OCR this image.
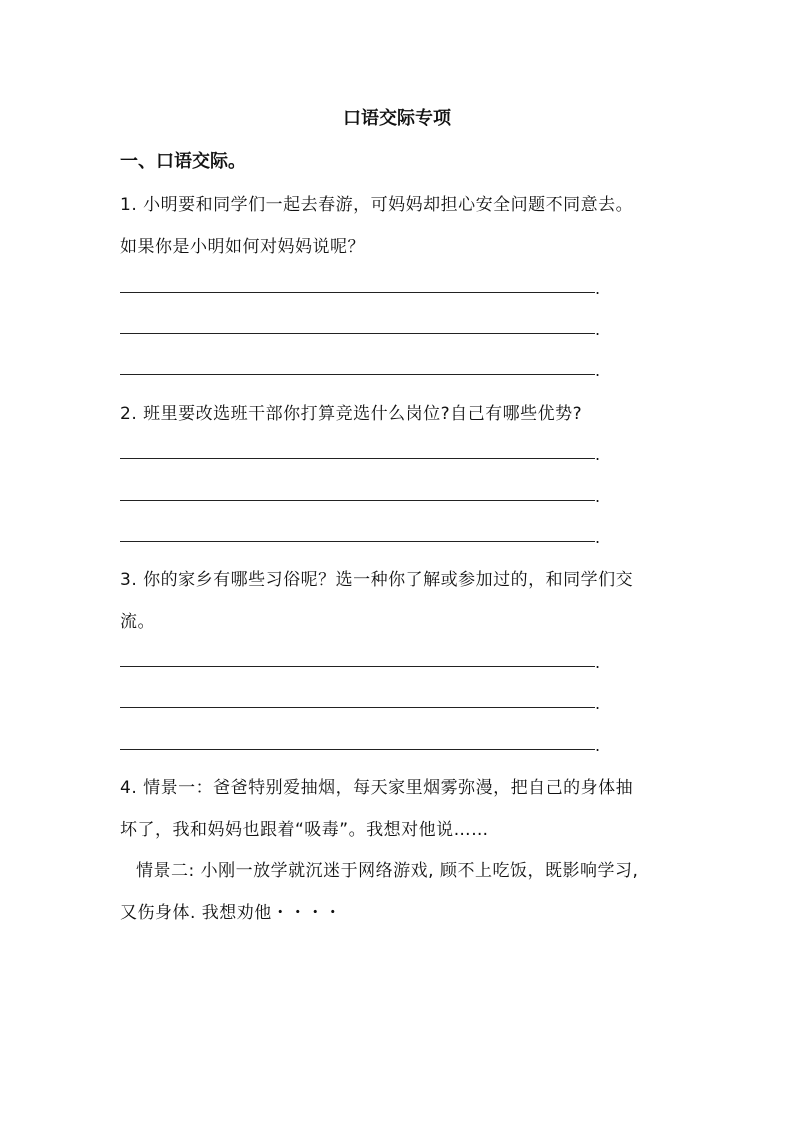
口语交际专项
一、口语交际。
1. 小明要和同学们一起去春游，可妈妈却担心安全问题不同意去。
如果你是小明如何对妈妈说呢？
.
.
.
2. 班里要改选班干部你打算竞选什么岗位?自己有哪些优势?
.
.
.
3. 你的家乡有哪些习俗呢？选一种你了解或参加过的，和同学们交
流。
.
.
.
4. 情景一：爸爸特别爱抽烟，每天家里烟雾弥漫，把自己的身体抽
坏了，我和妈妈也跟着“吸毒”。我想对他说……
情景二: 小刚一放学就沉迷于网络游戏, 顾不上吃饭，既影响学习,
又伤身体. 我想劝他・・・・
